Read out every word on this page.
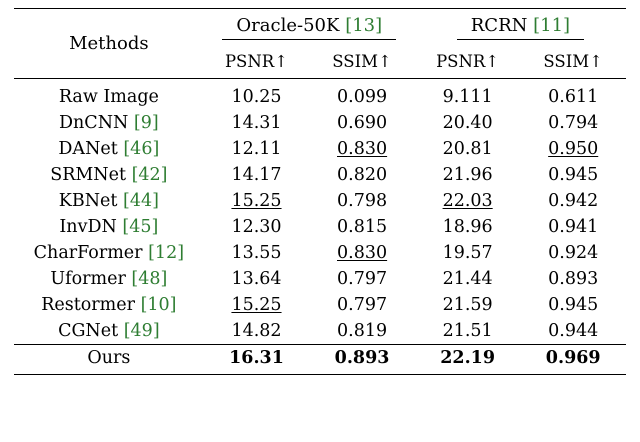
Methods	Oracle-50K [13]		RCRN [11]	
	PSNR↑	SSIM↑	PSNR↑	SSIM↑
Raw Image	10.25	0.099	9.111	0.611
DnCNN [9]	14.31	0.690	20.40	0.794
DANet [46]	12.11	0.830	20.81	0.950
SRMNet [42]	14.17	0.820	21.96	0.945
KBNet [44]	15.25	0.798	22.03	0.942
InvDN [45]	12.30	0.815	18.96	0.941
CharFormer [12]	13.55	0.830	19.57	0.924
Uformer [48]	13.64	0.797	21.44	0.893
Restormer [10]	15.25	0.797	21.59	0.945
CGNet [49]	14.82	0.819	21.51	0.944
Ours	16.31	0.893	22.19	0.969
